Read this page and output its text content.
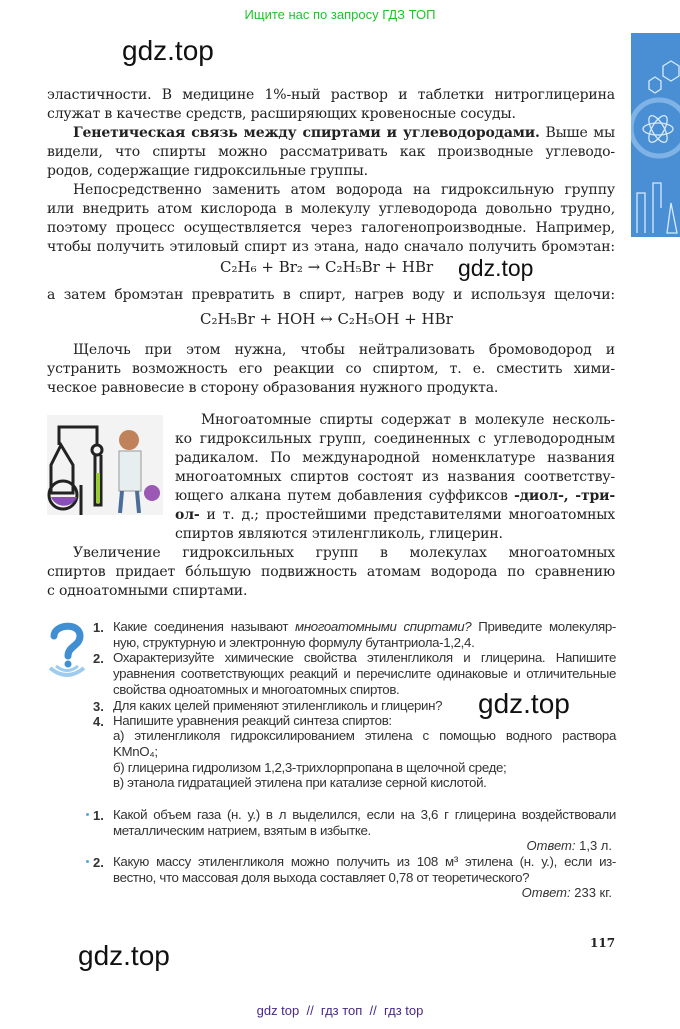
Ищите нас по запросу ГДЗ ТОП
gdz.top
эластичности. В медицине 1%-ный раствор и таблетки нитроглицерина
служат в качестве средств, расширяющих кровеносные сосуды.
Генетическая связь между спиртами и углеводородами. Выше мы
видели, что спирты можно рассматривать как производные углеводо-
родов, содержащие гидроксильные группы.
Непосредственно заменить атом водорода на гидроксильную группу
или внедрить атом кислорода в молекулу углеводорода довольно трудно,
поэтому процесс осуществляется через галогенопроизводные. Например,
чтобы получить этиловый спирт из этана, надо сначало получить бромэтан:
C₂H₆ + Br₂ → C₂H₅Br + HBr gdz.top
а затем бромэтан превратить в спирт, нагрев воду и используя щелочи:
C₂H₅Br + HOH ↔ C₂H₅OH + HBr
Щелочь при этом нужна, чтобы нейтрализовать бромоводород и
устранить возможность его реакции со спиртом, т. е. сместить хими-
ческое равновесие в сторону образования нужного продукта.
Многоатомные спирты содержат в молекуле несколь-
ко гидроксильных групп, соединенных с углеводородным
радикалом. По международной номенклатуре названия
многоатомных спиртов состоят из названия соответству-
ющего алкана путем добавления суффиксов -диол-, -три-
ол- и т. д.; простейшими представителями многоатомных
спиртов являются этиленгликоль, глицерин.
Увеличение гидроксильных групп в молекулах многоатомных
спиртов придает бóльшую подвижность атомам водорода по сравнению
с одноатомными спиртами.
1. Какие соединения называют многоатомными спиртами? Приведите молекуляр-
ную, структурную и электронную формулу бутантриола-1,2,4.
2. Охарактеризуйте химические свойства этиленгликоля и глицерина. Напишите
уравнения соответствующих реакций и перечислите одинаковые и отличительные
свойства одноатомных и многоатомных спиртов.
3. Для каких целей применяют этиленгликоль и глицерин?	gdz.top
4. Напишите уравнения реакций синтеза спиртов:
а) этиленгликоля гидроксилированием этилена с помощью водного раствора
KMnO₄;
б) глицерина гидролизом 1,2,3-трихлорпропана в щелочной среде;
в) этанола гидратацией этилена при катализе серной кислотой.
1. Какой объем газа (н. у.) в л выделился, если на 3,6 г глицерина воздействовали
металлическим натрием, взятым в избытке.
Ответ: 1,3 л.
2. Какую массу этиленгликоля можно получить из 108 м³ этилена (н. у.), если из-
вестно, что массовая доля выхода составляет 0,78 от теоретического?
Ответ: 233 кг.
117
gdz.top
gdz top  //  гдз топ  //  гдз top
